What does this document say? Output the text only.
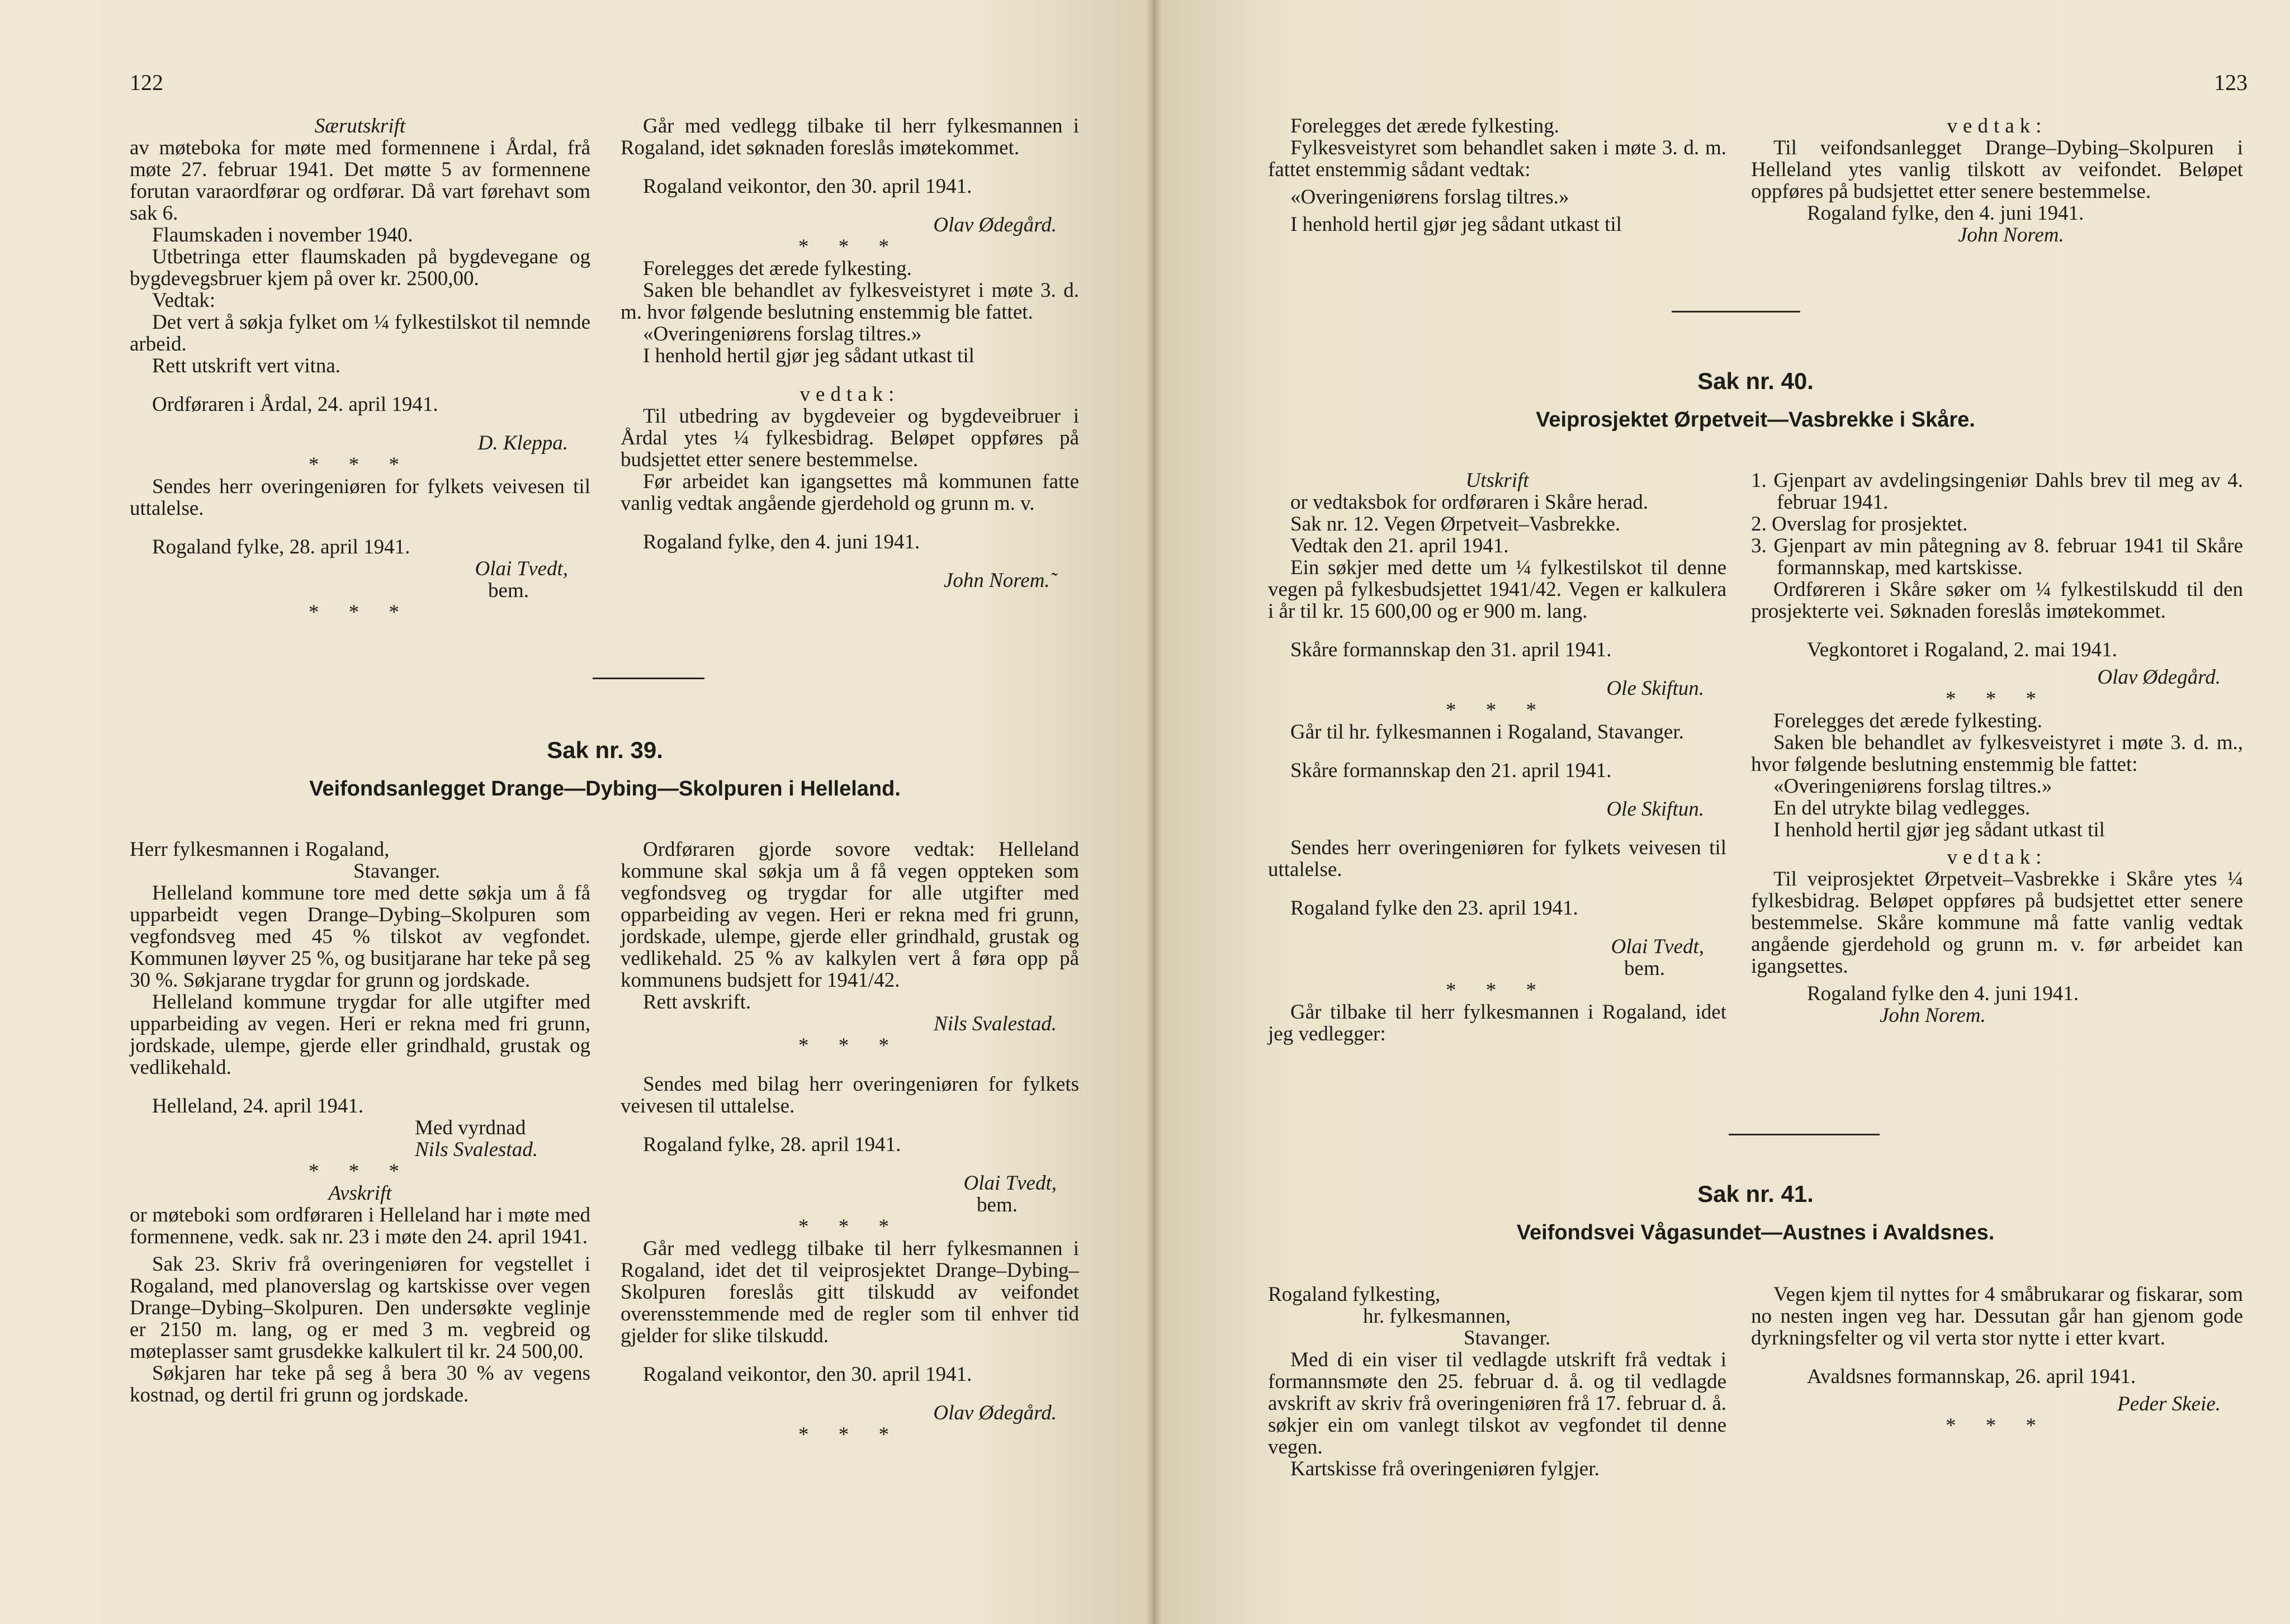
122

Særutskrift

av møteboka for møte med formennene i Årdal, frå møte 27. februar 1941. Det møtte 5 av formennene forutan varaordførar og ordførar. Då vart førehavt som sak 6.

Flaumskaden i november 1940.

Utbetringa etter flaumskaden på bygdevegane og bygdevegsbruer kjem på over kr. 2500,00.

Vedtak:

Det vert å søkja fylket om ¼ fylkestilskot til nemnde arbeid.

Rett utskrift vert vitna.

Ordføraren i Årdal, 24. april 1941.

D. Kleppa.

* * *

Sendes herr overingeniøren for fylkets veivesen til uttalelse.

Rogaland fylke, 28. april 1941.

Olai Tvedt,

bem.

* * *

Går med vedlegg tilbake til herr fylkesmannen i Rogaland, idet søknaden foreslås imøtekommet.

Rogaland veikontor, den 30. april 1941.

Olav Ødegård.

* * *

Forelegges det ærede fylkesting.

Saken ble behandlet av fylkesveistyret i møte 3. d. m. hvor følgende beslutning enstemmig ble fattet.

«Overingeniørens forslag tiltres.»

I henhold hertil gjør jeg sådant utkast til

vedtak:

Til utbedring av bygdeveier og bygdeveibruer i Årdal ytes ¼ fylkesbidrag. Beløpet oppføres på budsjettet etter senere bestemmelse.

Før arbeidet kan igangsettes må kommunen fatte vanlig vedtak angående gjerdehold og grunn m. v.

Rogaland fylke, den 4. juni 1941.

John Norem.˜

Sak nr. 39.
Veifondsanlegget Drange—Dybing—Skolpuren i Helleland.

Herr fylkesmannen i Rogaland,

Stavanger.

Helleland kommune tore med dette søkja um å få upparbeidt vegen Drange–Dybing–Skolpuren som vegfondsveg med 45 % tilskot av vegfondet. Kommunen løyver 25 %, og busitjarane har teke på seg 30 %. Søkjarane trygdar for grunn og jordskade.

Helleland kommune trygdar for alle utgifter med upparbeiding av vegen. Heri er rekna med fri grunn, jordskade, ulempe, gjerde eller grindhald, grustak og vedlikehald.

Helleland, 24. april 1941.

Med vyrdnad

Nils Svalestad.

* * *

Avskrift

or møteboki som ordføraren i Helleland har i møte med formennene, vedk. sak nr. 23 i møte den 24. april 1941.

Sak 23. Skriv frå overingeniøren for vegstellet i Rogaland, med planoverslag og kartskisse over vegen Drange–Dybing–Skolpuren. Den undersøkte veglinje er 2150 m. lang, og er med 3 m. vegbreid og møteplasser samt grusdekke kalkulert til kr. 24 500,00.

Søkjaren har teke på seg å bera 30 % av vegens kostnad, og dertil fri grunn og jordskade.

Ordføraren gjorde sovore vedtak: Helleland kommune skal søkja um å få vegen oppteken som vegfondsveg og trygdar for alle utgifter med opparbeiding av vegen. Heri er rekna med fri grunn, jordskade, ulempe, gjerde eller grindhald, grustak og vedlikehald. 25 % av kalkylen vert å føra opp på kommunens budsjett for 1941/42.

Rett avskrift.

Nils Svalestad.

* * *

Sendes med bilag herr overingeniøren for fylkets veivesen til uttalelse.

Rogaland fylke, 28. april 1941.

Olai Tvedt,

bem.

* * *

Går med vedlegg tilbake til herr fylkesmannen i Rogaland, idet det til veiprosjektet Drange–Dybing–Skolpuren foreslås gitt tilskudd av veifondet overensstemmende med de regler som til enhver tid gjelder for slike tilskudd.

Rogaland veikontor, den 30. april 1941.

Olav Ødegård.

* * *

123

Forelegges det ærede fylkesting.

Fylkesveistyret som behandlet saken i møte 3. d. m. fattet enstemmig sådant vedtak:

«Overingeniørens forslag tiltres.»

I henhold hertil gjør jeg sådant utkast til

vedtak:

Til veifondsanlegget Drange–Dybing–Skolpuren i Helleland ytes vanlig tilskott av veifondet. Beløpet oppføres på budsjettet etter senere bestemmelse.

Rogaland fylke, den 4. juni 1941.

John Norem.

Sak nr. 40.
Veiprosjektet Ørpetveit—Vasbrekke i Skåre.

Utskrift

or vedtaksbok for ordføraren i Skåre herad.

Sak nr. 12. Vegen Ørpetveit–Vasbrekke.

Vedtak den 21. april 1941.

Ein søkjer med dette um ¼ fylkestilskot til denne vegen på fylkesbudsjettet 1941/42. Vegen er kalkulera i år til kr. 15 600,00 og er 900 m. lang.

Skåre formannskap den 31. april 1941.

Ole Skiftun.

* * *

Går til hr. fylkesmannen i Rogaland, Stavanger.

Skåre formannskap den 21. april 1941.

Ole Skiftun.

Sendes herr overingeniøren for fylkets veivesen til uttalelse.

Rogaland fylke den 23. april 1941.

Olai Tvedt,

bem.

* * *

Går tilbake til herr fylkesmannen i Rogaland, idet jeg vedlegger:

1. Gjenpart av avdelingsingeniør Dahls brev til meg av 4. februar 1941.

2. Overslag for prosjektet.

3. Gjenpart av min påtegning av 8. februar 1941 til Skåre formannskap, med kartskisse.

Ordføreren i Skåre søker om ¼ fylkestilskudd til den prosjekterte vei. Søknaden foreslås imøtekommet.

Vegkontoret i Rogaland, 2. mai 1941.

Olav Ødegård.

* * *

Forelegges det ærede fylkesting.

Saken ble behandlet av fylkesveistyret i møte 3. d. m., hvor følgende beslutning enstemmig ble fattet:

«Overingeniørens forslag tiltres.»

En del utrykte bilag vedlegges.

I henhold hertil gjør jeg sådant utkast til

vedtak:

Til veiprosjektet Ørpetveit–Vasbrekke i Skåre ytes ¼ fylkesbidrag. Beløpet oppføres på budsjettet etter senere bestemmelse. Skåre kommune må fatte vanlig vedtak angående gjerdehold og grunn m. v. før arbeidet kan igangsettes.

Rogaland fylke den 4. juni 1941.

John Norem.

Sak nr. 41.
Veifondsvei Vågasundet—Austnes i Avaldsnes.

Rogaland fylkesting,

hr. fylkesmannen,

Stavanger.

Med di ein viser til vedlagde utskrift frå vedtak i formannsmøte den 25. februar d. å. og til vedlagde avskrift av skriv frå overingeniøren frå 17. februar d. å. søkjer ein om vanlegt tilskot av vegfondet til denne vegen.

Kartskisse frå overingeniøren fylgjer.

Vegen kjem til nyttes for 4 småbrukarar og fiskarar, som no nesten ingen veg har. Dessutan går han gjenom gode dyrkningsfelter og vil verta stor nytte i etter kvart.

Avaldsnes formannskap, 26. april 1941.

Peder Skeie.

* * *
